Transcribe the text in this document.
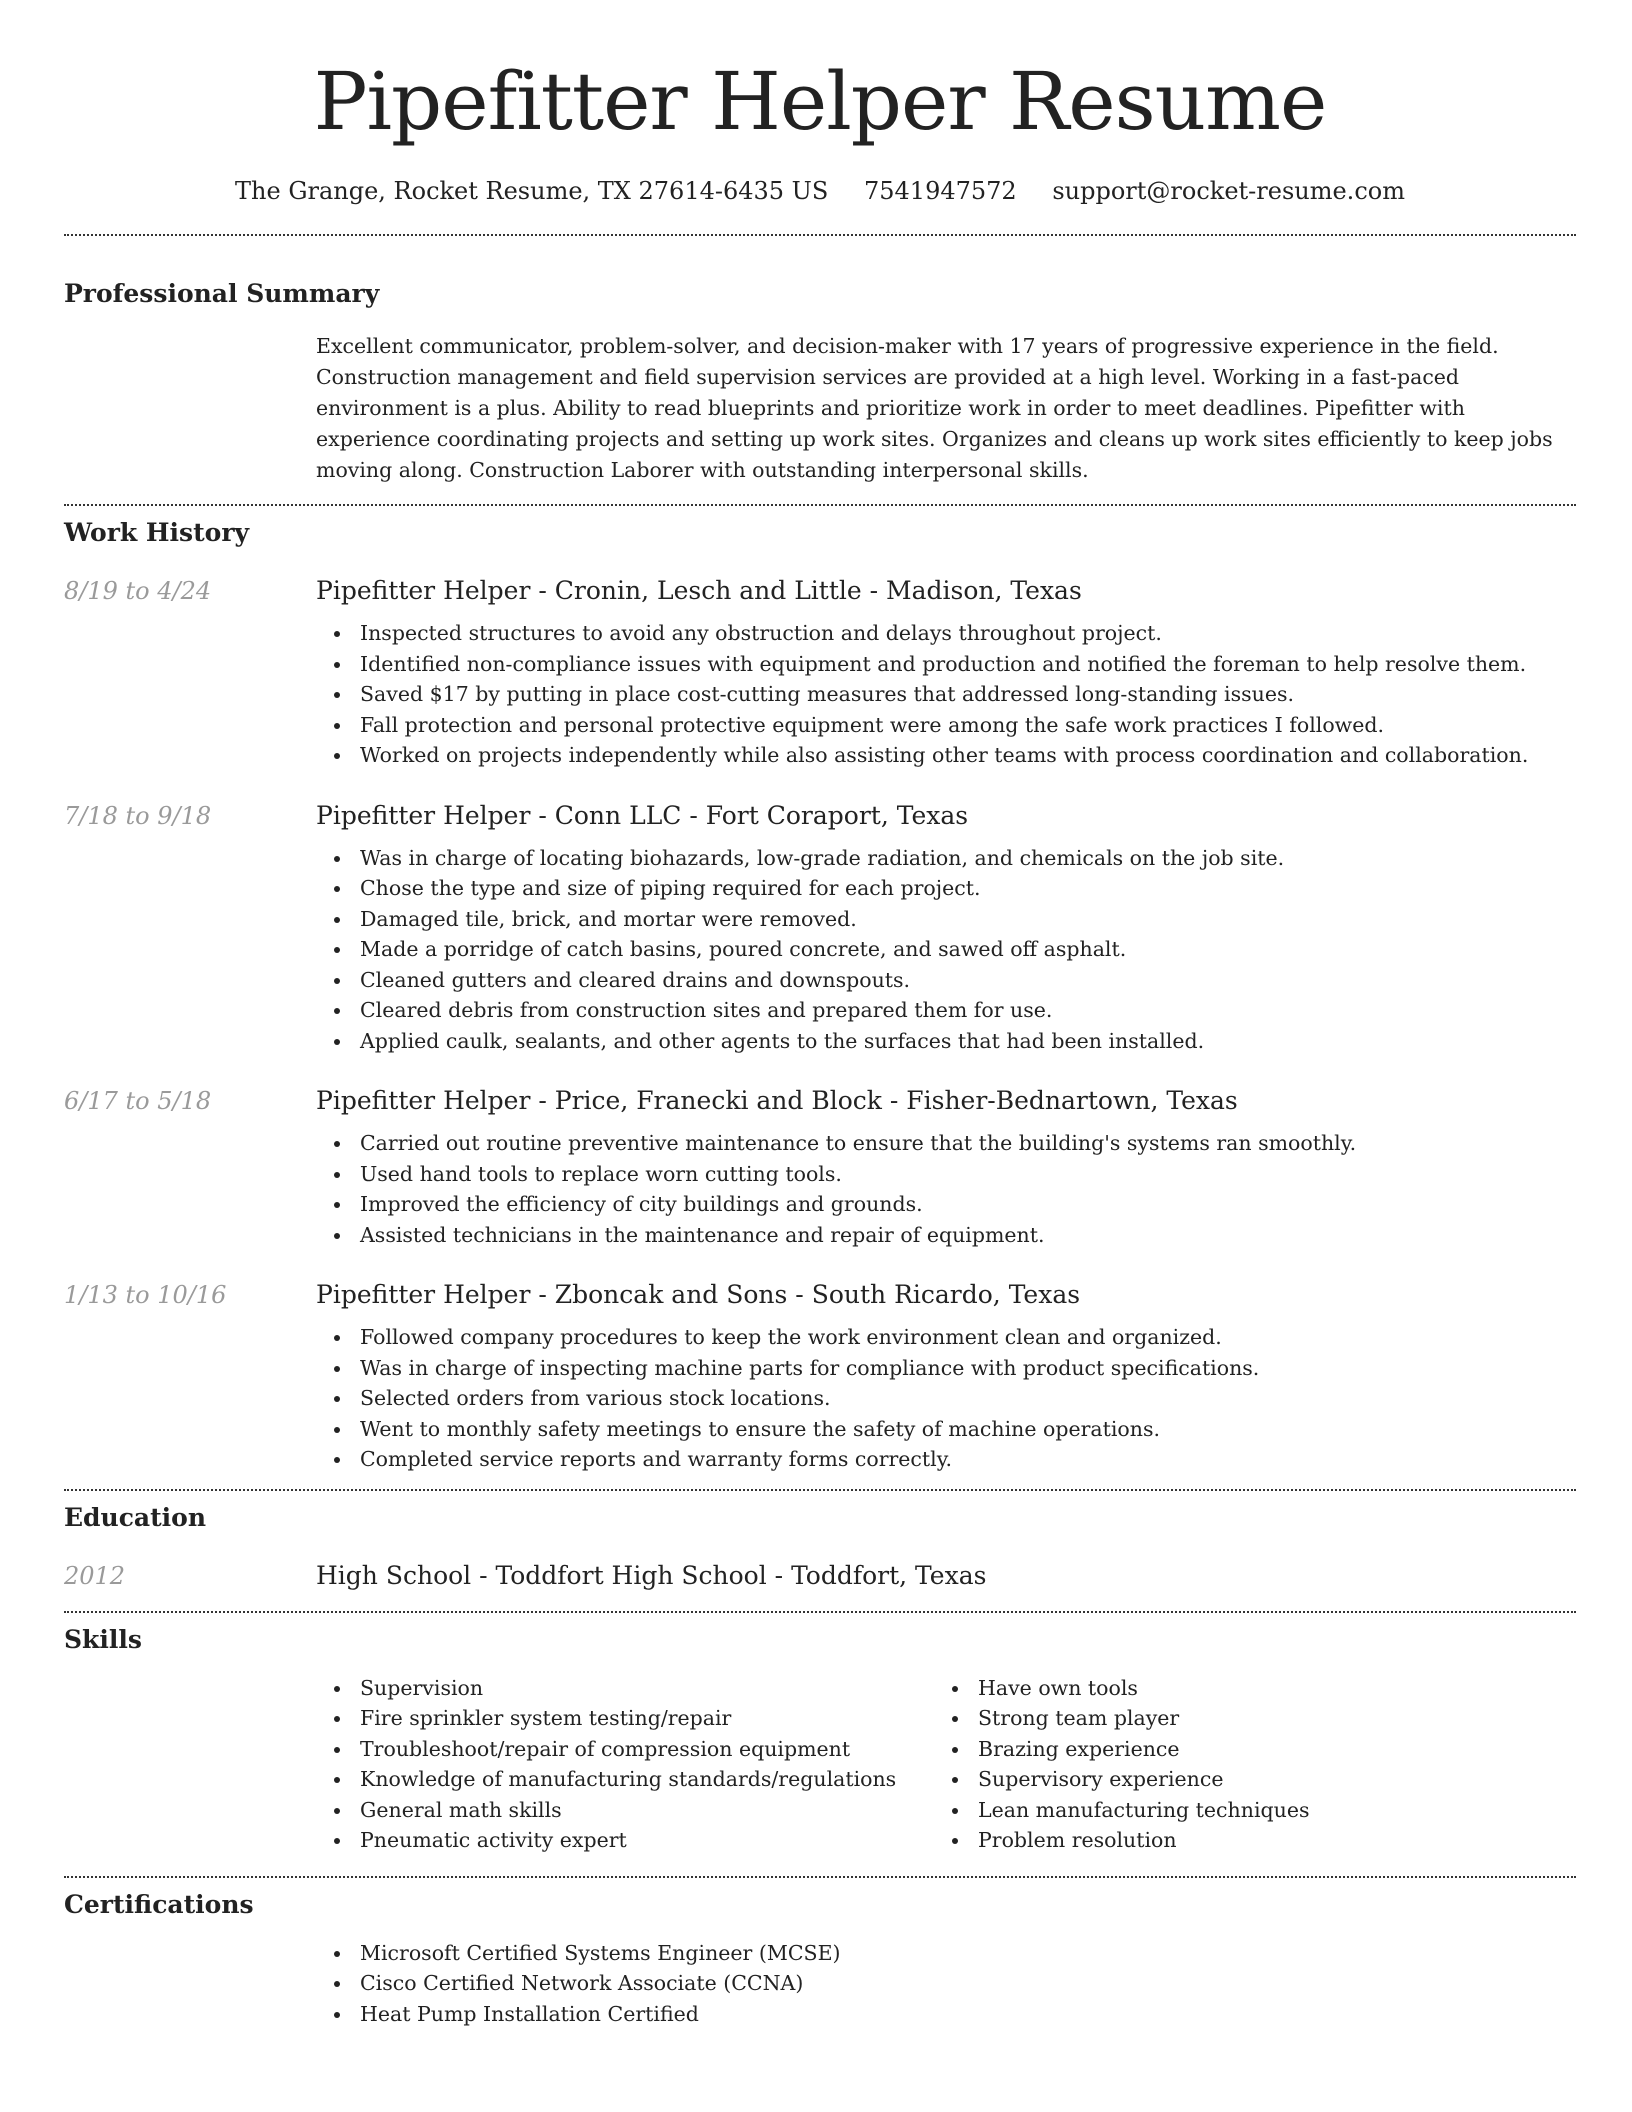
Pipefitter Helper Resume
The Grange, Rocket Resume, TX 27614-6435 US 7541947572 support@rocket-resume.com
Professional Summary

Excellent communicator, problem-solver, and decision-maker with 17 years of progressive experience in the field. Construction management and field supervision services are provided at a high level. Working in a fast-paced environment is a plus. Ability to read blueprints and prioritize work in order to meet deadlines. Pipefitter with experience coordinating projects and setting up work sites. Organizes and cleans up work sites efficiently to keep jobs moving along. Construction Laborer with outstanding interpersonal skills.

Work History
8/19 to 4/24	Pipefitter Helper - Cronin, Lesch and Little - Madison, Texas
Inspected structures to avoid any obstruction and delays throughout project.
Identified non-compliance issues with equipment and production and notified the foreman to help resolve them.
Saved $17 by putting in place cost-cutting measures that addressed long-standing issues.
Fall protection and personal protective equipment were among the safe work practices I followed.
Worked on projects independently while also assisting other teams with process coordination and collaboration.
7/18 to 9/18	Pipefitter Helper - Conn LLC - Fort Coraport, Texas
Was in charge of locating biohazards, low-grade radiation, and chemicals on the job site.
Chose the type and size of piping required for each project.
Damaged tile, brick, and mortar were removed.
Made a porridge of catch basins, poured concrete, and sawed off asphalt.
Cleaned gutters and cleared drains and downspouts.
Cleared debris from construction sites and prepared them for use.
Applied caulk, sealants, and other agents to the surfaces that had been installed.
6/17 to 5/18	Pipefitter Helper - Price, Franecki and Block - Fisher-Bednartown, Texas
Carried out routine preventive maintenance to ensure that the building's systems ran smoothly.
Used hand tools to replace worn cutting tools.
Improved the efficiency of city buildings and grounds.
Assisted technicians in the maintenance and repair of equipment.
1/13 to 10/16	Pipefitter Helper - Zboncak and Sons - South Ricardo, Texas
Followed company procedures to keep the work environment clean and organized.
Was in charge of inspecting machine parts for compliance with product specifications.
Selected orders from various stock locations.
Went to monthly safety meetings to ensure the safety of machine operations.
Completed service reports and warranty forms correctly.
Education
2012	High School - Toddfort High School - Toddfort, Texas
Skills
Supervision
Fire sprinkler system testing/repair
Troubleshoot/repair of compression equipment
Knowledge of manufacturing standards/regulations
General math skills
Pneumatic activity expert
Have own tools
Strong team player
Brazing experience
Supervisory experience
Lean manufacturing techniques
Problem resolution
Certifications
Microsoft Certified Systems Engineer (MCSE)
Cisco Certified Network Associate (CCNA)
Heat Pump Installation Certified
